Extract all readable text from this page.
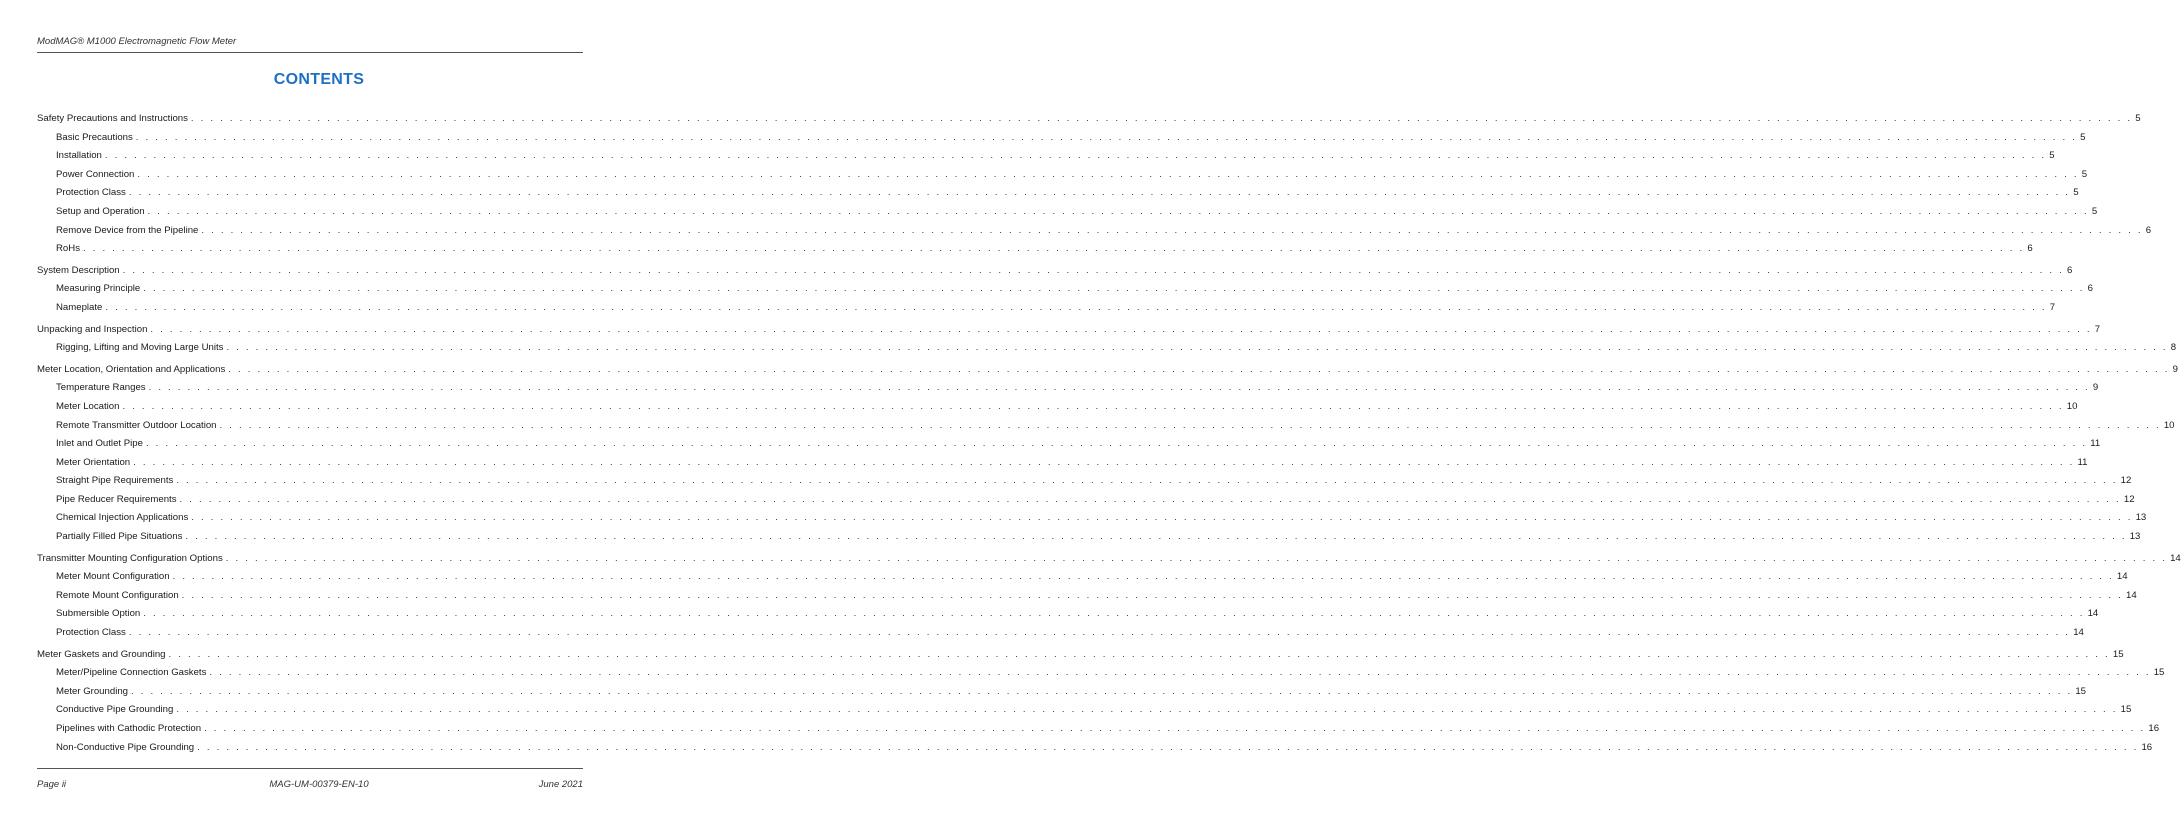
ModMAG® M1000 Electromagnetic Flow Meter
CONTENTS
Safety Precautions and Instructions . . . . . . . . . . . . . . . . . . . . . . . . . . . . . . . . . . . . . . . . . . . . . . . . . . . . . . . . . . . . . . . . . . . . . . . . . . . . . . . . . . . . . . . . . . . . . . . . . . . . . . . . . . . . . . . . . . . . . . . . . . . . . . . . . . . . . . . . . . . . . . . . . . . . . . . . . . . . . . . . . . . . . . . . . . . . . . . . . . . . . . . . . . . . . . . . . . . . . . . . 5
Basic Precautions . . . . . . . . . . . . . . . . . . . . . . . . . . . . . . . . . . . . . . . . . . . . . . . . . . . . . . . . . . . . . . . . . . . . . . . . . . . . . . . . . . . . . . . . . . . . . . . . . . . . . . . . . . . . . . . . . . . . . . . . . . . . . . . . . . . . . . . . . . . . . . . . . . . . . . . . . . . . . . . . . . . . . . . . . . . . . . . . . . . . . . . . . . . . . . . . . . . . . . . . 5
Installation . . . . . . . . . . . . . . . . . . . . . . . . . . . . . . . . . . . . . . . . . . . . . . . . . . . . . . . . . . . . . . . . . . . . . . . . . . . . . . . . . . . . . . . . . . . . . . . . . . . . . . . . . . . . . . . . . . . . . . . . . . . . . . . . . . . . . . . . . . . . . . . . . . . . . . . . . . . . . . . . . . . . . . . . . . . . . . . . . . . . . . . . . . . . . . . . . . . . . . . . 5
Power Connection . . . . . . . . . . . . . . . . . . . . . . . . . . . . . . . . . . . . . . . . . . . . . . . . . . . . . . . . . . . . . . . . . . . . . . . . . . . . . . . . . . . . . . . . . . . . . . . . . . . . . . . . . . . . . . . . . . . . . . . . . . . . . . . . . . . . . . . . . . . . . . . . . . . . . . . . . . . . . . . . . . . . . . . . . . . . . . . . . . . . . . . . . . . . . . . . . . . . . . . . 5
Protection Class . . . . . . . . . . . . . . . . . . . . . . . . . . . . . . . . . . . . . . . . . . . . . . . . . . . . . . . . . . . . . . . . . . . . . . . . . . . . . . . . . . . . . . . . . . . . . . . . . . . . . . . . . . . . . . . . . . . . . . . . . . . . . . . . . . . . . . . . . . . . . . . . . . . . . . . . . . . . . . . . . . . . . . . . . . . . . . . . . . . . . . . . . . . . . . . . . . . . . . . . 5
Setup and Operation . . . . . . . . . . . . . . . . . . . . . . . . . . . . . . . . . . . . . . . . . . . . . . . . . . . . . . . . . . . . . . . . . . . . . . . . . . . . . . . . . . . . . . . . . . . . . . . . . . . . . . . . . . . . . . . . . . . . . . . . . . . . . . . . . . . . . . . . . . . . . . . . . . . . . . . . . . . . . . . . . . . . . . . . . . . . . . . . . . . . . . . . . . . . . . . . . . . . . . . . 5
Remove Device from the Pipeline . . . . . . . . . . . . . . . . . . . . . . . . . . . . . . . . . . . . . . . . . . . . . . . . . . . . . . . . . . . . . . . . . . . . . . . . . . . . . . . . . . . . . . . . . . . . . . . . . . . . . . . . . . . . . . . . . . . . . . . . . . . . . . . . . . . . . . . . . . . . . . . . . . . . . . . . . . . . . . . . . . . . . . . . . . . . . . . . . . . . . . . . . . . . . . . . . . . . . . . . 6
RoHs . . . . . . . . . . . . . . . . . . . . . . . . . . . . . . . . . . . . . . . . . . . . . . . . . . . . . . . . . . . . . . . . . . . . . . . . . . . . . . . . . . . . . . . . . . . . . . . . . . . . . . . . . . . . . . . . . . . . . . . . . . . . . . . . . . . . . . . . . . . . . . . . . . . . . . . . . . . . . . . . . . . . . . . . . . . . . . . . . . . . . . . . . . . . . . . . . . . . . . . . 6
System Description . . . . . . . . . . . . . . . . . . . . . . . . . . . . . . . . . . . . . . . . . . . . . . . . . . . . . . . . . . . . . . . . . . . . . . . . . . . . . . . . . . . . . . . . . . . . . . . . . . . . . . . . . . . . . . . . . . . . . . . . . . . . . . . . . . . . . . . . . . . . . . . . . . . . . . . . . . . . . . . . . . . . . . . . . . . . . . . . . . . . . . . . . . . . . . . . . . . . . . . . 6
Measuring Principle . . . . . . . . . . . . . . . . . . . . . . . . . . . . . . . . . . . . . . . . . . . . . . . . . . . . . . . . . . . . . . . . . . . . . . . . . . . . . . . . . . . . . . . . . . . . . . . . . . . . . . . . . . . . . . . . . . . . . . . . . . . . . . . . . . . . . . . . . . . . . . . . . . . . . . . . . . . . . . . . . . . . . . . . . . . . . . . . . . . . . . . . . . . . . . . . . . . . . . . . 6
Nameplate . . . . . . . . . . . . . . . . . . . . . . . . . . . . . . . . . . . . . . . . . . . . . . . . . . . . . . . . . . . . . . . . . . . . . . . . . . . . . . . . . . . . . . . . . . . . . . . . . . . . . . . . . . . . . . . . . . . . . . . . . . . . . . . . . . . . . . . . . . . . . . . . . . . . . . . . . . . . . . . . . . . . . . . . . . . . . . . . . . . . . . . . . . . . . . . . . . . . . . . . 7
Unpacking and Inspection . . . . . . . . . . . . . . . . . . . . . . . . . . . . . . . . . . . . . . . . . . . . . . . . . . . . . . . . . . . . . . . . . . . . . . . . . . . . . . . . . . . . . . . . . . . . . . . . . . . . . . . . . . . . . . . . . . . . . . . . . . . . . . . . . . . . . . . . . . . . . . . . . . . . . . . . . . . . . . . . . . . . . . . . . . . . . . . . . . . . . . . . . . . . . . . . . . . . . . . . 7
Rigging, Lifting and Moving Large Units . . . . . . . . . . . . . . . . . . . . . . . . . . . . . . . . . . . . . . . . . . . . . . . . . . . . . . . . . . . . . . . . . . . . . . . . . . . . . . . . . . . . . . . . . . . . . . . . . . . . . . . . . . . . . . . . . . . . . . . . . . . . . . . . . . . . . . . . . . . . . . . . . . . . . . . . . . . . . . . . . . . . . . . . . . . . . . . . . . . . . . . . . . . . . . . . . . . . . . . . 8
Meter Location, Orientation and Applications . . . . . . . . . . . . . . . . . . . . . . . . . . . . . . . . . . . . . . . . . . . . . . . . . . . . . . . . . . . . . . . . . . . . . . . . . . . . . . . . . . . . . . . . . . . . . . . . . . . . . . . . . . . . . . . . . . . . . . . . . . . . . . . . . . . . . . . . . . . . . . . . . . . . . . . . . . . . . . . . . . . . . . . . . . . . . . . . . . . . . . . . . . . . . . . . . . . . . . . . 9
Temperature Ranges . . . . . . . . . . . . . . . . . . . . . . . . . . . . . . . . . . . . . . . . . . . . . . . . . . . . . . . . . . . . . . . . . . . . . . . . . . . . . . . . . . . . . . . . . . . . . . . . . . . . . . . . . . . . . . . . . . . . . . . . . . . . . . . . . . . . . . . . . . . . . . . . . . . . . . . . . . . . . . . . . . . . . . . . . . . . . . . . . . . . . . . . . . . . . . . . . . . . . . . . 9
Meter Location . . . . . . . . . . . . . . . . . . . . . . . . . . . . . . . . . . . . . . . . . . . . . . . . . . . . . . . . . . . . . . . . . . . . . . . . . . . . . . . . . . . . . . . . . . . . . . . . . . . . . . . . . . . . . . . . . . . . . . . . . . . . . . . . . . . . . . . . . . . . . . . . . . . . . . . . . . . . . . . . . . . . . . . . . . . . . . . . . . . . . . . . . . . . . . . . . . . . . . . . 10
Remote Transmitter Outdoor Location . . . . . . . . . . . . . . . . . . . . . . . . . . . . . . . . . . . . . . . . . . . . . . . . . . . . . . . . . . . . . . . . . . . . . . . . . . . . . . . . . . . . . . . . . . . . . . . . . . . . . . . . . . . . . . . . . . . . . . . . . . . . . . . . . . . . . . . . . . . . . . . . . . . . . . . . . . . . . . . . . . . . . . . . . . . . . . . . . . . . . . . . . . . . . . . . . . . . . . . . 10
Inlet and Outlet Pipe . . . . . . . . . . . . . . . . . . . . . . . . . . . . . . . . . . . . . . . . . . . . . . . . . . . . . . . . . . . . . . . . . . . . . . . . . . . . . . . . . . . . . . . . . . . . . . . . . . . . . . . . . . . . . . . . . . . . . . . . . . . . . . . . . . . . . . . . . . . . . . . . . . . . . . . . . . . . . . . . . . . . . . . . . . . . . . . . . . . . . . . . . . . . . . . . . . . . . . . . 11
Meter Orientation . . . . . . . . . . . . . . . . . . . . . . . . . . . . . . . . . . . . . . . . . . . . . . . . . . . . . . . . . . . . . . . . . . . . . . . . . . . . . . . . . . . . . . . . . . . . . . . . . . . . . . . . . . . . . . . . . . . . . . . . . . . . . . . . . . . . . . . . . . . . . . . . . . . . . . . . . . . . . . . . . . . . . . . . . . . . . . . . . . . . . . . . . . . . . . . . . . . . . . . . 11
Straight Pipe Requirements . . . . . . . . . . . . . . . . . . . . . . . . . . . . . . . . . . . . . . . . . . . . . . . . . . . . . . . . . . . . . . . . . . . . . . . . . . . . . . . . . . . . . . . . . . . . . . . . . . . . . . . . . . . . . . . . . . . . . . . . . . . . . . . . . . . . . . . . . . . . . . . . . . . . . . . . . . . . . . . . . . . . . . . . . . . . . . . . . . . . . . . . . . . . . . . . . . . . . . . . 12
Pipe Reducer Requirements . . . . . . . . . . . . . . . . . . . . . . . . . . . . . . . . . . . . . . . . . . . . . . . . . . . . . . . . . . . . . . . . . . . . . . . . . . . . . . . . . . . . . . . . . . . . . . . . . . . . . . . . . . . . . . . . . . . . . . . . . . . . . . . . . . . . . . . . . . . . . . . . . . . . . . . . . . . . . . . . . . . . . . . . . . . . . . . . . . . . . . . . . . . . . . . . . . . . . . . . 12
Chemical Injection Applications . . . . . . . . . . . . . . . . . . . . . . . . . . . . . . . . . . . . . . . . . . . . . . . . . . . . . . . . . . . . . . . . . . . . . . . . . . . . . . . . . . . . . . . . . . . . . . . . . . . . . . . . . . . . . . . . . . . . . . . . . . . . . . . . . . . . . . . . . . . . . . . . . . . . . . . . . . . . . . . . . . . . . . . . . . . . . . . . . . . . . . . . . . . . . . . . . . . . . . . . 13
Partially Filled Pipe Situations . . . . . . . . . . . . . . . . . . . . . . . . . . . . . . . . . . . . . . . . . . . . . . . . . . . . . . . . . . . . . . . . . . . . . . . . . . . . . . . . . . . . . . . . . . . . . . . . . . . . . . . . . . . . . . . . . . . . . . . . . . . . . . . . . . . . . . . . . . . . . . . . . . . . . . . . . . . . . . . . . . . . . . . . . . . . . . . . . . . . . . . . . . . . . . . . . . . . . . . . 13
Transmitter Mounting Configuration Options . . . . . . . . . . . . . . . . . . . . . . . . . . . . . . . . . . . . . . . . . . . . . . . . . . . . . . . . . . . . . . . . . . . . . . . . . . . . . . . . . . . . . . . . . . . . . . . . . . . . . . . . . . . . . . . . . . . . . . . . . . . . . . . . . . . . . . . . . . . . . . . . . . . . . . . . . . . . . . . . . . . . . . . . . . . . . . . . . . . . . . . . . . . . . . . . . . . . . . . . 14
Meter Mount Configuration . . . . . . . . . . . . . . . . . . . . . . . . . . . . . . . . . . . . . . . . . . . . . . . . . . . . . . . . . . . . . . . . . . . . . . . . . . . . . . . . . . . . . . . . . . . . . . . . . . . . . . . . . . . . . . . . . . . . . . . . . . . . . . . . . . . . . . . . . . . . . . . . . . . . . . . . . . . . . . . . . . . . . . . . . . . . . . . . . . . . . . . . . . . . . . . . . . . . . . . . 14
Remote Mount Configuration . . . . . . . . . . . . . . . . . . . . . . . . . . . . . . . . . . . . . . . . . . . . . . . . . . . . . . . . . . . . . . . . . . . . . . . . . . . . . . . . . . . . . . . . . . . . . . . . . . . . . . . . . . . . . . . . . . . . . . . . . . . . . . . . . . . . . . . . . . . . . . . . . . . . . . . . . . . . . . . . . . . . . . . . . . . . . . . . . . . . . . . . . . . . . . . . . . . . . . . . 14
Submersible Option . . . . . . . . . . . . . . . . . . . . . . . . . . . . . . . . . . . . . . . . . . . . . . . . . . . . . . . . . . . . . . . . . . . . . . . . . . . . . . . . . . . . . . . . . . . . . . . . . . . . . . . . . . . . . . . . . . . . . . . . . . . . . . . . . . . . . . . . . . . . . . . . . . . . . . . . . . . . . . . . . . . . . . . . . . . . . . . . . . . . . . . . . . . . . . . . . . . . . . . . 14
Protection Class . . . . . . . . . . . . . . . . . . . . . . . . . . . . . . . . . . . . . . . . . . . . . . . . . . . . . . . . . . . . . . . . . . . . . . . . . . . . . . . . . . . . . . . . . . . . . . . . . . . . . . . . . . . . . . . . . . . . . . . . . . . . . . . . . . . . . . . . . . . . . . . . . . . . . . . . . . . . . . . . . . . . . . . . . . . . . . . . . . . . . . . . . . . . . . . . . . . . . . . . 14
Meter Gaskets and Grounding . . . . . . . . . . . . . . . . . . . . . . . . . . . . . . . . . . . . . . . . . . . . . . . . . . . . . . . . . . . . . . . . . . . . . . . . . . . . . . . . . . . . . . . . . . . . . . . . . . . . . . . . . . . . . . . . . . . . . . . . . . . . . . . . . . . . . . . . . . . . . . . . . . . . . . . . . . . . . . . . . . . . . . . . . . . . . . . . . . . . . . . . . . . . . . . . . . . . . . . . 15
Meter/Pipeline Connection Gaskets . . . . . . . . . . . . . . . . . . . . . . . . . . . . . . . . . . . . . . . . . . . . . . . . . . . . . . . . . . . . . . . . . . . . . . . . . . . . . . . . . . . . . . . . . . . . . . . . . . . . . . . . . . . . . . . . . . . . . . . . . . . . . . . . . . . . . . . . . . . . . . . . . . . . . . . . . . . . . . . . . . . . . . . . . . . . . . . . . . . . . . . . . . . . . . . . . . . . . . . . 15
Meter Grounding . . . . . . . . . . . . . . . . . . . . . . . . . . . . . . . . . . . . . . . . . . . . . . . . . . . . . . . . . . . . . . . . . . . . . . . . . . . . . . . . . . . . . . . . . . . . . . . . . . . . . . . . . . . . . . . . . . . . . . . . . . . . . . . . . . . . . . . . . . . . . . . . . . . . . . . . . . . . . . . . . . . . . . . . . . . . . . . . . . . . . . . . . . . . . . . . . . . . . . . . 15
Conductive Pipe Grounding . . . . . . . . . . . . . . . . . . . . . . . . . . . . . . . . . . . . . . . . . . . . . . . . . . . . . . . . . . . . . . . . . . . . . . . . . . . . . . . . . . . . . . . . . . . . . . . . . . . . . . . . . . . . . . . . . . . . . . . . . . . . . . . . . . . . . . . . . . . . . . . . . . . . . . . . . . . . . . . . . . . . . . . . . . . . . . . . . . . . . . . . . . . . . . . . . . . . . . . . 15
Pipelines with Cathodic Protection . . . . . . . . . . . . . . . . . . . . . . . . . . . . . . . . . . . . . . . . . . . . . . . . . . . . . . . . . . . . . . . . . . . . . . . . . . . . . . . . . . . . . . . . . . . . . . . . . . . . . . . . . . . . . . . . . . . . . . . . . . . . . . . . . . . . . . . . . . . . . . . . . . . . . . . . . . . . . . . . . . . . . . . . . . . . . . . . . . . . . . . . . . . . . . . . . . . . . . . . 16
Non-Conductive Pipe Grounding . . . . . . . . . . . . . . . . . . . . . . . . . . . . . . . . . . . . . . . . . . . . . . . . . . . . . . . . . . . . . . . . . . . . . . . . . . . . . . . . . . . . . . . . . . . . . . . . . . . . . . . . . . . . . . . . . . . . . . . . . . . . . . . . . . . . . . . . . . . . . . . . . . . . . . . . . . . . . . . . . . . . . . . . . . . . . . . . . . . . . . . . . . . . . . . . . . . . . . . . 16
Page ii	MAG-UM-00379-EN-10	June 2021
